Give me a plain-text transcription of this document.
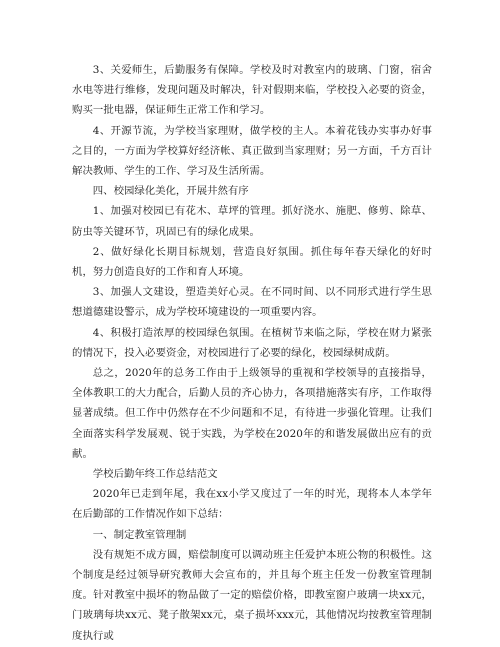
3、关爱师生，后勤服务有保障。学校及时对教室内的玻璃、门窗，宿舍水电等进行维修，发现问题及时解决，针对假期来临，学校投入必要的资金，购买一批电器，保证师生正常工作和学习。

4、开源节流，为学校当家理财，做学校的主人。本着花钱办实事办好事之目的，一方面为学校算好经济帐、真正做到当家理财；另一方面，千方百计解决教师、学生的工作、学习及生活所需。

四、校园绿化美化，开展井然有序

1、加强对校园已有花木、草坪的管理。抓好浇水、施肥、修剪、除草、防虫等关键环节，巩固已有的绿化成果。

2、做好绿化长期目标规划，营造良好氛围。抓住每年春天绿化的好时机，努力创造良好的工作和育人环境。

3、加强人文建设，塑造美好心灵。在不同时间、以不同形式进行学生思想道德建设警示，成为学校环境建设的一项重要内容。

4、积极打造浓厚的校园绿色氛围。在植树节来临之际，学校在财力紧张的情况下，投入必要资金，对校园进行了必要的绿化，校园绿树成荫。

总之，2020年的总务工作由于上级领导的重视和学校领导的直接指导，全体教职工的大力配合，后勤人员的齐心协力，各项措施落实有序，工作取得显著成绩。但工作中仍然存在不少问题和不足，有待进一步强化管理。让我们全面落实科学发展观、锐于实践，为学校在2020年的和谐发展做出应有的贡献。

学校后勤年终工作总结范文

2020年已走到年尾，我在xx小学又度过了一年的时光，现将本人本学年在后勤部的工作情况作如下总结：

一、制定教室管理制

没有规矩不成方圆，赔偿制度可以调动班主任爱护本班公物的积极性。这个制度是经过领导研究教师大会宣布的，并且每个班主任发一份教室管理制度。针对教室中损坏的物品做了一定的赔偿价格，即教室窗户玻璃一块xx元，门玻璃每块xx元、凳子散架xx元，桌子损坏xxx元，其他情况均按教室管理制度执行或
